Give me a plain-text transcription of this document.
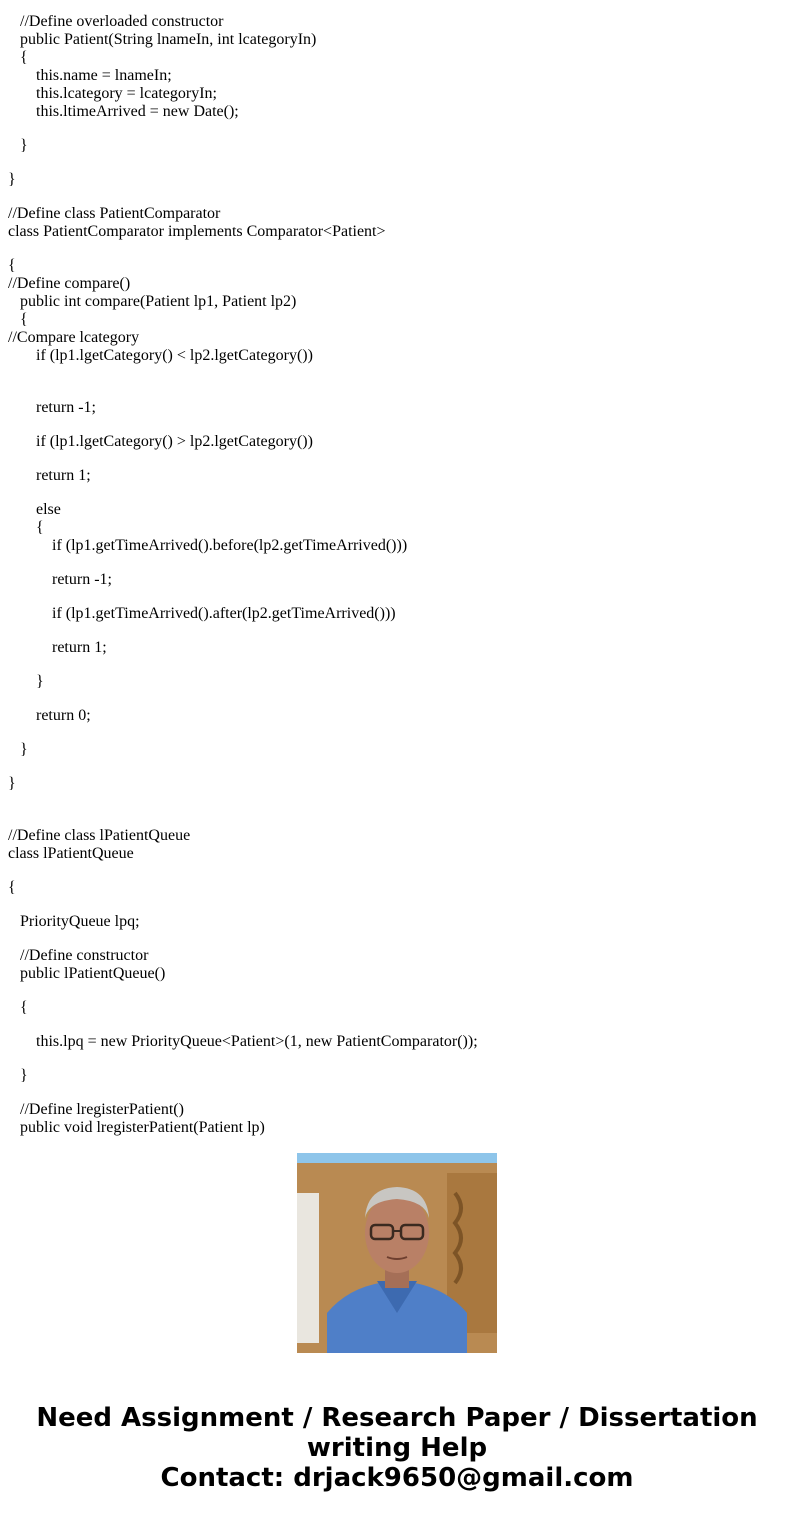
//Define overloaded constructor
public Patient(String lnameIn, int lcategoryIn)
{
this.name = lnameIn;
this.lcategory = lcategoryIn;
this.ltimeArrived = new Date();
}
}
//Define class PatientComparator
class PatientComparator implements Comparator<Patient>
{
//Define compare()
public int compare(Patient lp1, Patient lp2)
{
//Compare lcategory
if (lp1.lgetCategory() < lp2.lgetCategory())
return -1;
if (lp1.lgetCategory() > lp2.lgetCategory())
return 1;
else
{
if (lp1.getTimeArrived().before(lp2.getTimeArrived()))
return -1;
if (lp1.getTimeArrived().after(lp2.getTimeArrived()))
return 1;
}
return 0;
}
}
//Define class lPatientQueue
class lPatientQueue
{
PriorityQueue lpq;
//Define constructor
public lPatientQueue()
{
this.lpq = new PriorityQueue<Patient>(1, new PatientComparator());
}
//Define lregisterPatient()
public void lregisterPatient(Patient lp)
Need Assignment / Research Paper / Dissertation
writing Help
Contact: drjack9650@gmail.com
